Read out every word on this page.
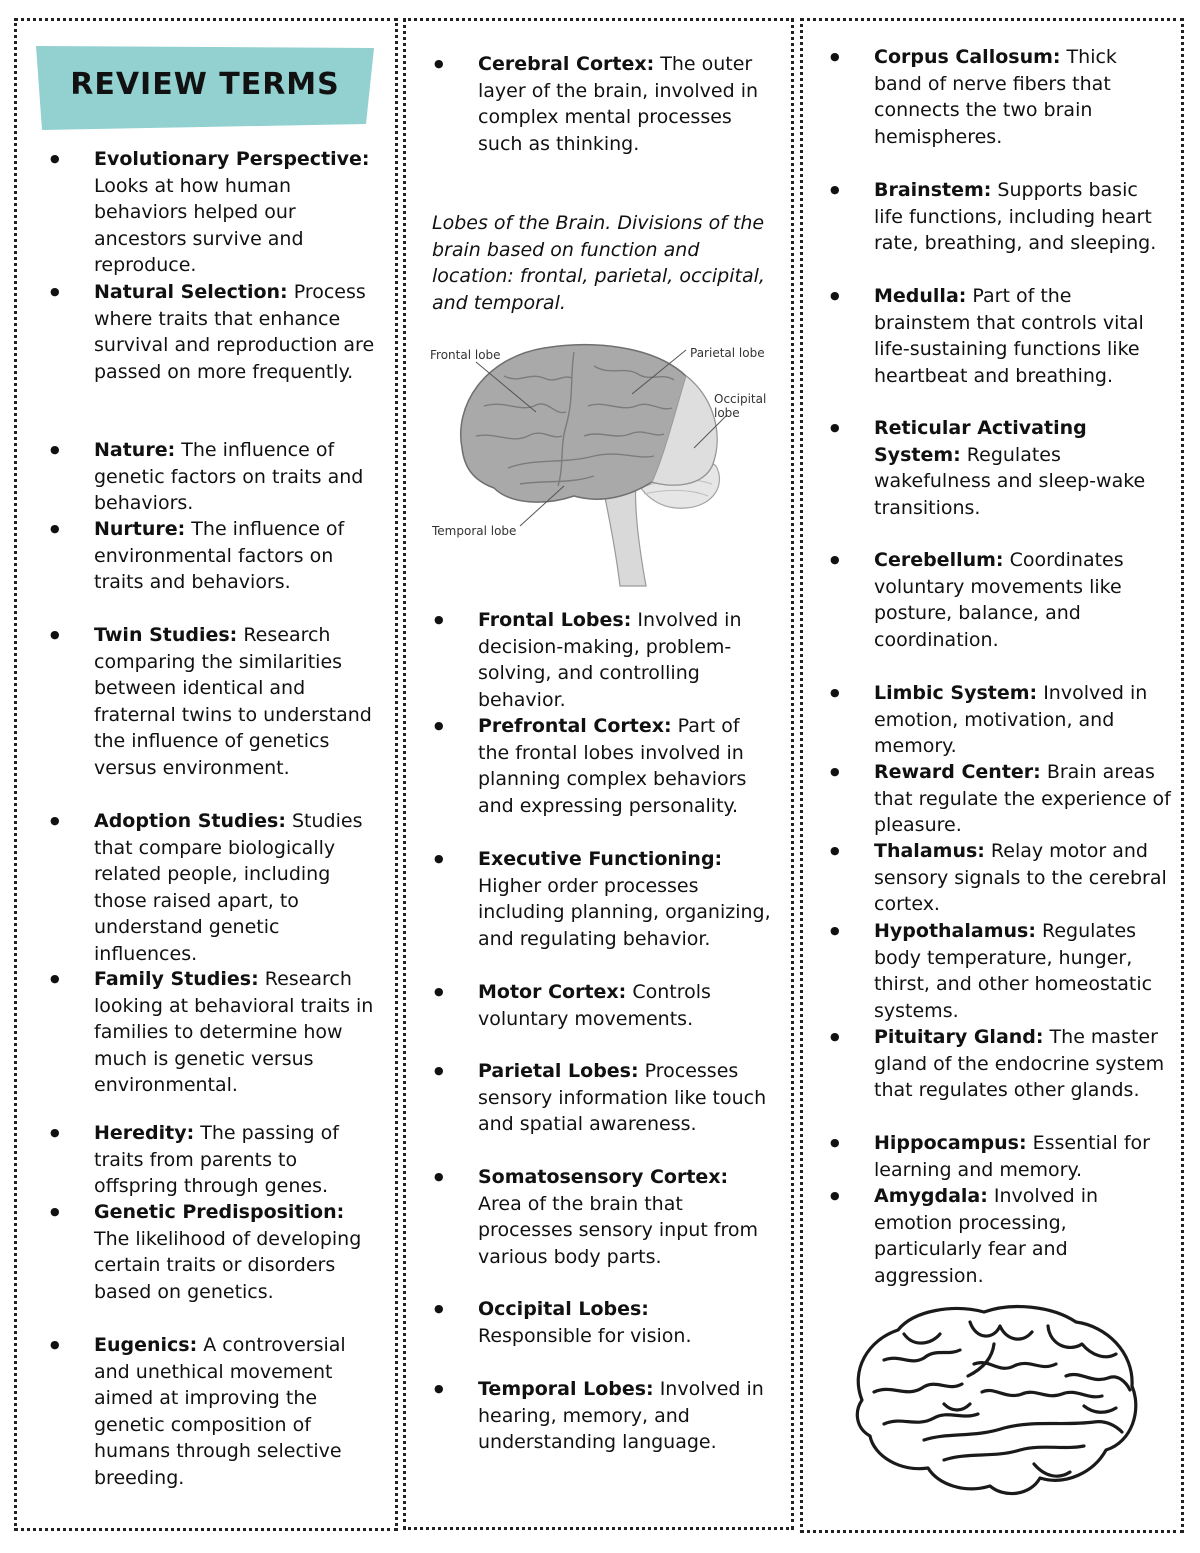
REVIEW TERMS
● Evolutionary Perspective: Looks at how human behaviors helped our ancestors survive and reproduce.
● Natural Selection: Process where traits that enhance survival and reproduction are passed on more frequently.
● Nature: The influence of genetic factors on traits and behaviors.
● Nurture: The influence of environmental factors on traits and behaviors.
● Twin Studies: Research comparing the similarities between identical and fraternal twins to understand the influence of genetics versus environment.
● Adoption Studies: Studies that compare biologically related people, including those raised apart, to understand genetic influences.
● Family Studies: Research looking at behavioral traits in families to determine how much is genetic versus environmental.
● Heredity: The passing of traits from parents to offspring through genes.
● Genetic Predisposition: The likelihood of developing certain traits or disorders based on genetics.
● Eugenics: A controversial and unethical movement aimed at improving the genetic composition of humans through selective breeding.
● Cerebral Cortex: The outer layer of the brain, involved in complex mental processes such as thinking.
Lobes of the Brain. Divisions of the brain based on function and location: frontal, parietal, occipital, and temporal.
Frontal lobe	Parietal lobe
Occipital
lobe
Temporal lobe
● Frontal Lobes: Involved in decision-making, problem-solving, and controlling behavior.
● Prefrontal Cortex: Part of the frontal lobes involved in planning complex behaviors and expressing personality.
● Executive Functioning: Higher order processes including planning, organizing, and regulating behavior.
● Motor Cortex: Controls voluntary movements.
● Parietal Lobes: Processes sensory information like touch and spatial awareness.
● Somatosensory Cortex: Area of the brain that processes sensory input from various body parts.
● Occipital Lobes: Responsible for vision.
● Temporal Lobes: Involved in hearing, memory, and understanding language.
● Corpus Callosum: Thick band of nerve fibers that connects the two brain hemispheres.
● Brainstem: Supports basic life functions, including heart rate, breathing, and sleeping.
● Medulla: Part of the brainstem that controls vital life-sustaining functions like heartbeat and breathing.
● Reticular Activating System: Regulates wakefulness and sleep-wake transitions.
● Cerebellum: Coordinates voluntary movements like posture, balance, and coordination.
● Limbic System: Involved in emotion, motivation, and memory.
● Reward Center: Brain areas that regulate the experience of pleasure.
● Thalamus: Relay motor and sensory signals to the cerebral cortex.
● Hypothalamus: Regulates body temperature, hunger, thirst, and other homeostatic systems.
● Pituitary Gland: The master gland of the endocrine system that regulates other glands.
● Hippocampus: Essential for learning and memory.
● Amygdala: Involved in emotion processing, particularly fear and aggression.
